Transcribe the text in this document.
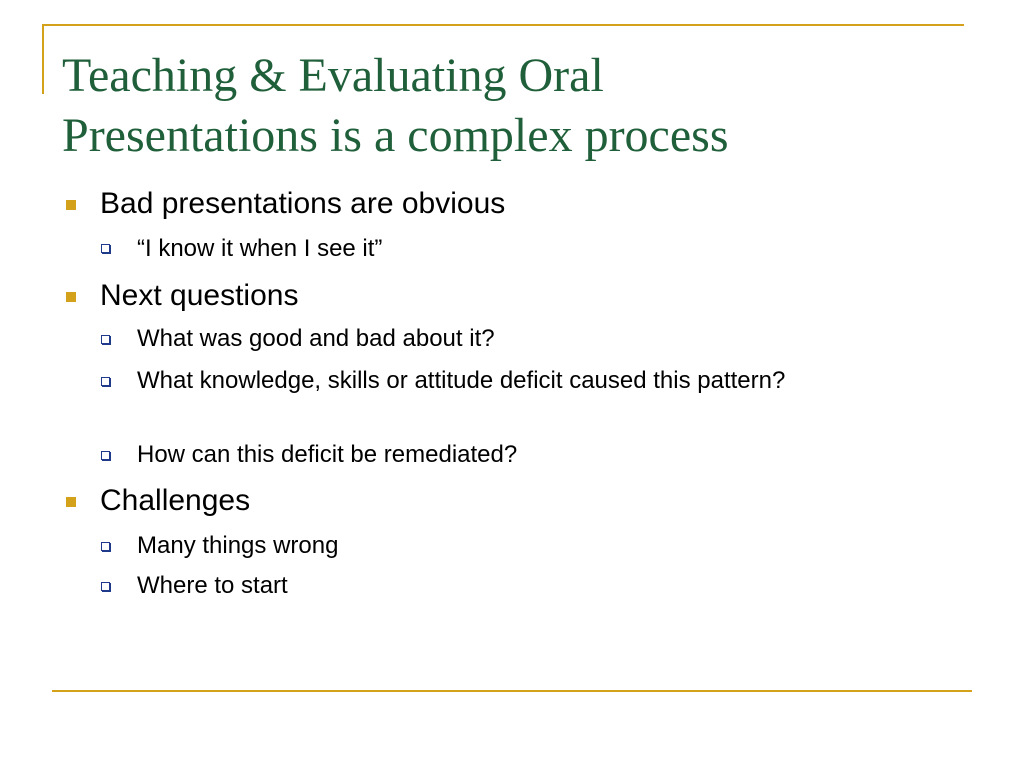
Teaching & Evaluating Oral
Presentations is a complex process
Bad presentations are obvious
“I know it when I see it”
Next questions
What was good and bad about it?
What knowledge, skills or attitude deficit caused this pattern?
How can this deficit be remediated?
Challenges
Many things wrong
Where to start
